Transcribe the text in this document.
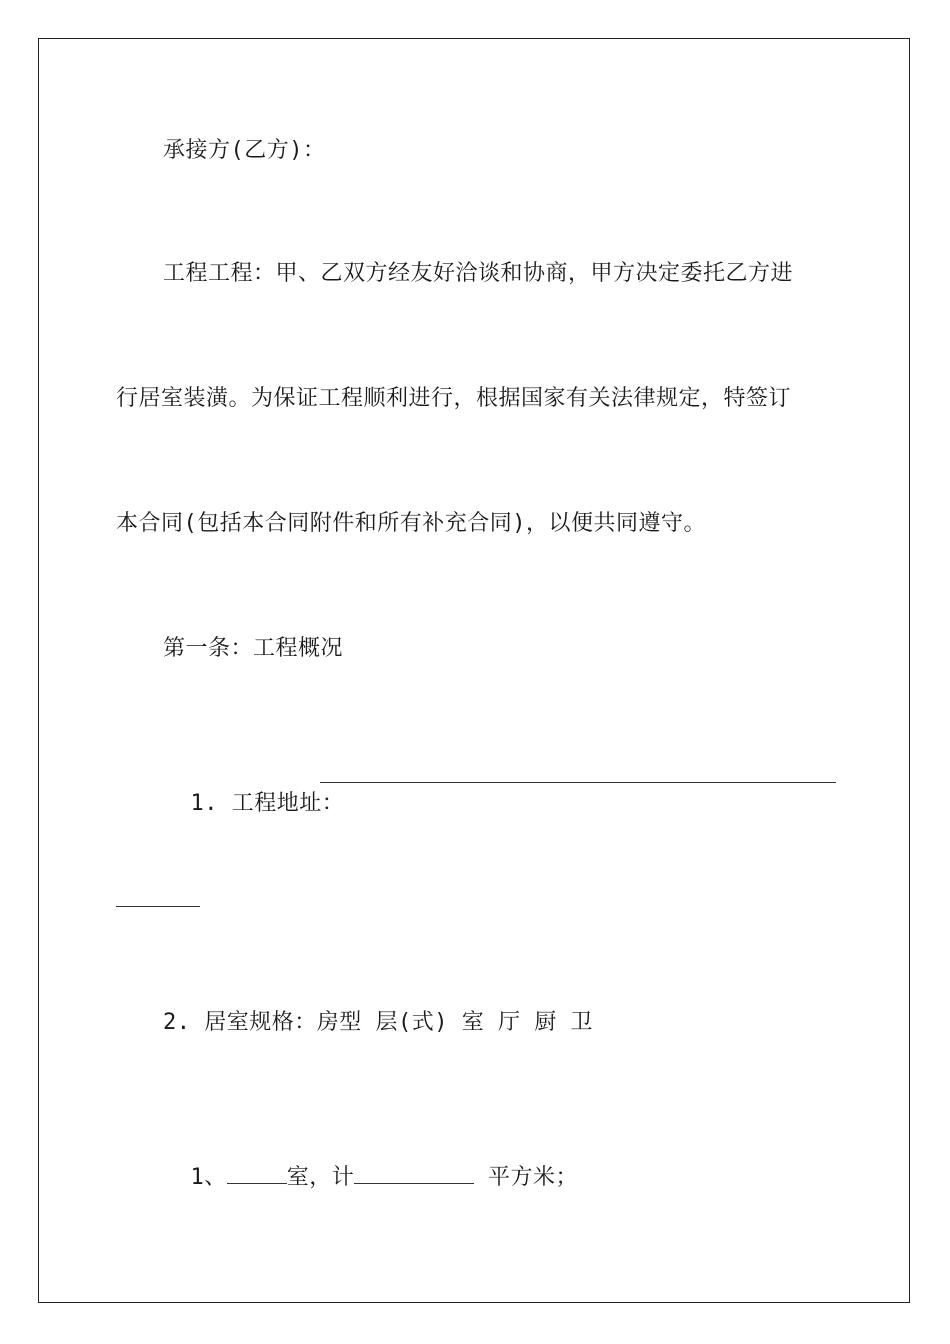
承接方(乙方)：
工程工程：甲、乙双方经友好洽谈和协商，甲方决定委托乙方进
行居室装潢。为保证工程顺利进行，根据国家有关法律规定，特签订
本合同(包括本合同附件和所有补充合同)，以便共同遵守。
第一条：工程概况

1. 工程地址：

2. 居室规格：房型 层(式) 室 厅 厨 卫

1、	室，计	平方米；
